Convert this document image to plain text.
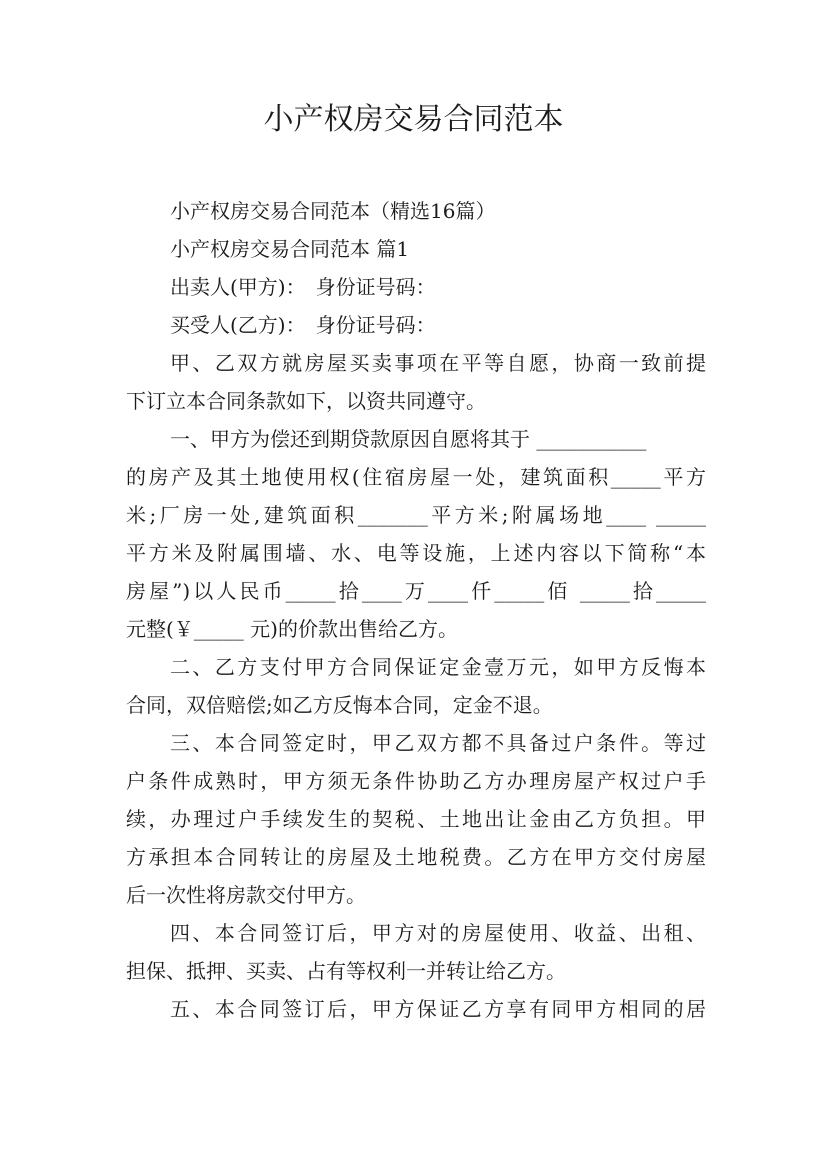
小产权房交易合同范本
小产权房交易合同范本（精选16篇）
小产权房交易合同范本 篇1
出卖人(甲方)：　身份证号码：
买受人(乙方)：　身份证号码：
甲、乙双方就房屋买卖事项在平等自愿，协商一致前提
下订立本合同条款如下，以资共同遵守。
一、甲方为偿还到期贷款原因自愿将其于 ___________
的房产及其土地使用权(住宿房屋一处，建筑面积_____平方
米;厂房一处,建筑面积_______平方米;附属场地____ _____
平方米及附属围墙、水、电等设施，上述内容以下简称“本
房屋”)以人民币_____拾____万____仟_____佰 _____拾_____
元整(￥_____ 元)的价款出售给乙方。
二、乙方支付甲方合同保证定金壹万元，如甲方反悔本
合同，双倍赔偿;如乙方反悔本合同，定金不退。
三、本合同签定时，甲乙双方都不具备过户条件。等过
户条件成熟时，甲方须无条件协助乙方办理房屋产权过户手
续，办理过户手续发生的契税、土地出让金由乙方负担。甲
方承担本合同转让的房屋及土地税费。乙方在甲方交付房屋
后一次性将房款交付甲方。
四、本合同签订后，甲方对的房屋使用、收益、出租、
担保、抵押、买卖、占有等权利一并转让给乙方。
五、本合同签订后，甲方保证乙方享有同甲方相同的居
